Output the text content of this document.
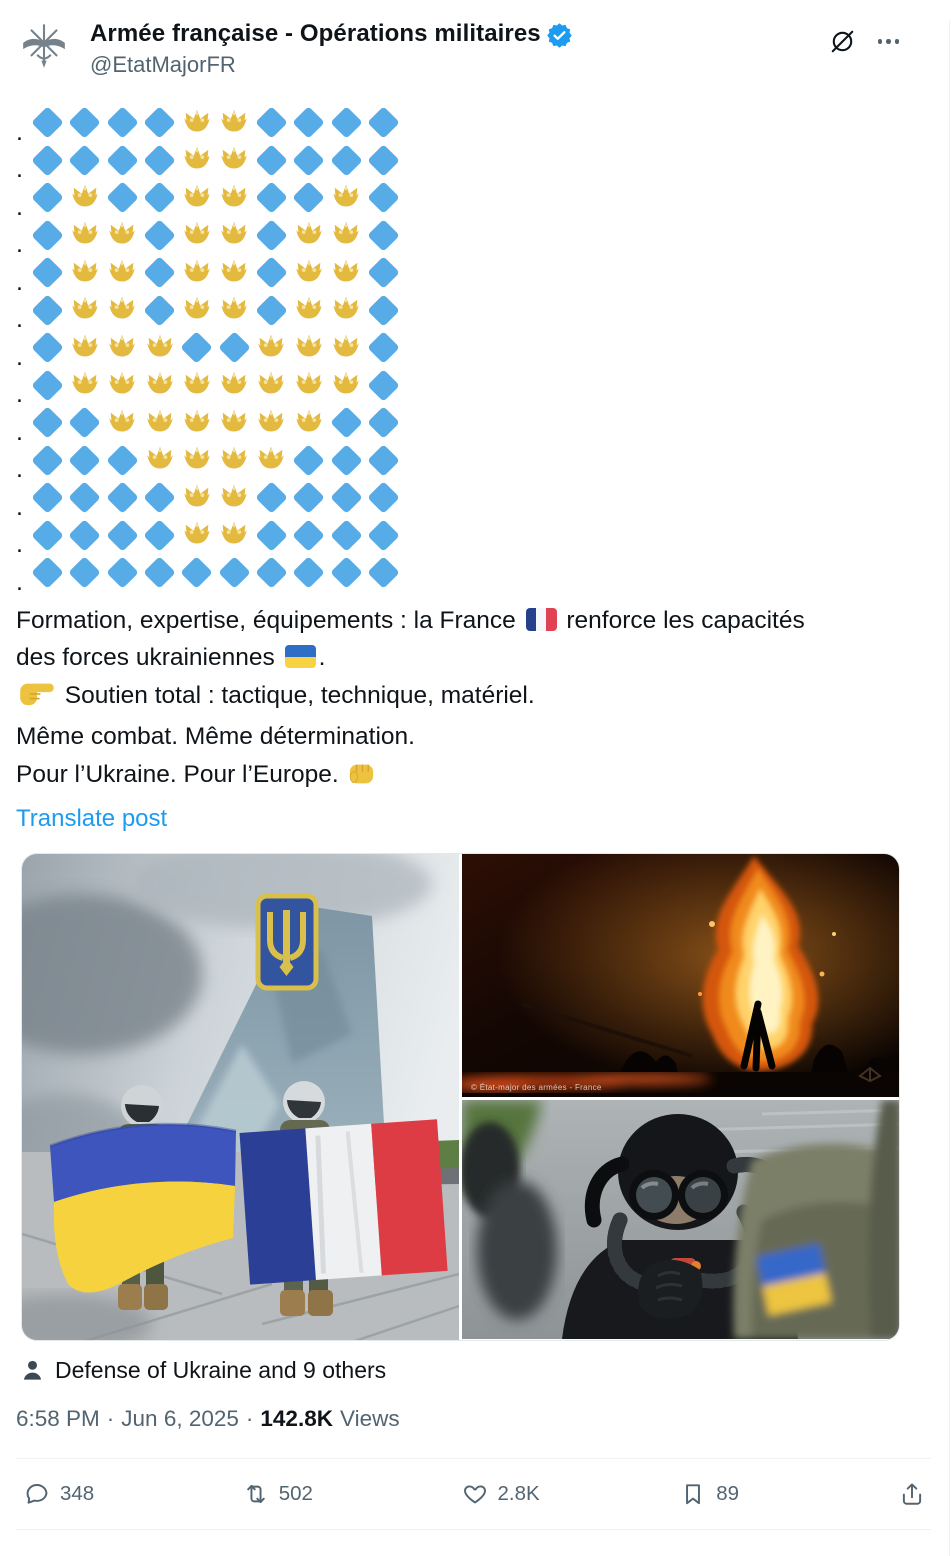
Armée française - Opérations militaires
@EtatMajorFR
.
.
.
.
.
.
.
.
.
.
.
.
.
Formation, expertise, équipements : la France
renforce les capacités
des forces ukrainiennes
.
Soutien total : tactique, technique, matériel.
Même combat. Même détermination.
Pour l’Ukraine. Pour l’Europe.
Translate post
© État-major des armées - France
Defense of Ukraine and 9 others
6:58 PM · Jun 6, 2025 · 142.8K Views
348	502	2.8K	89
